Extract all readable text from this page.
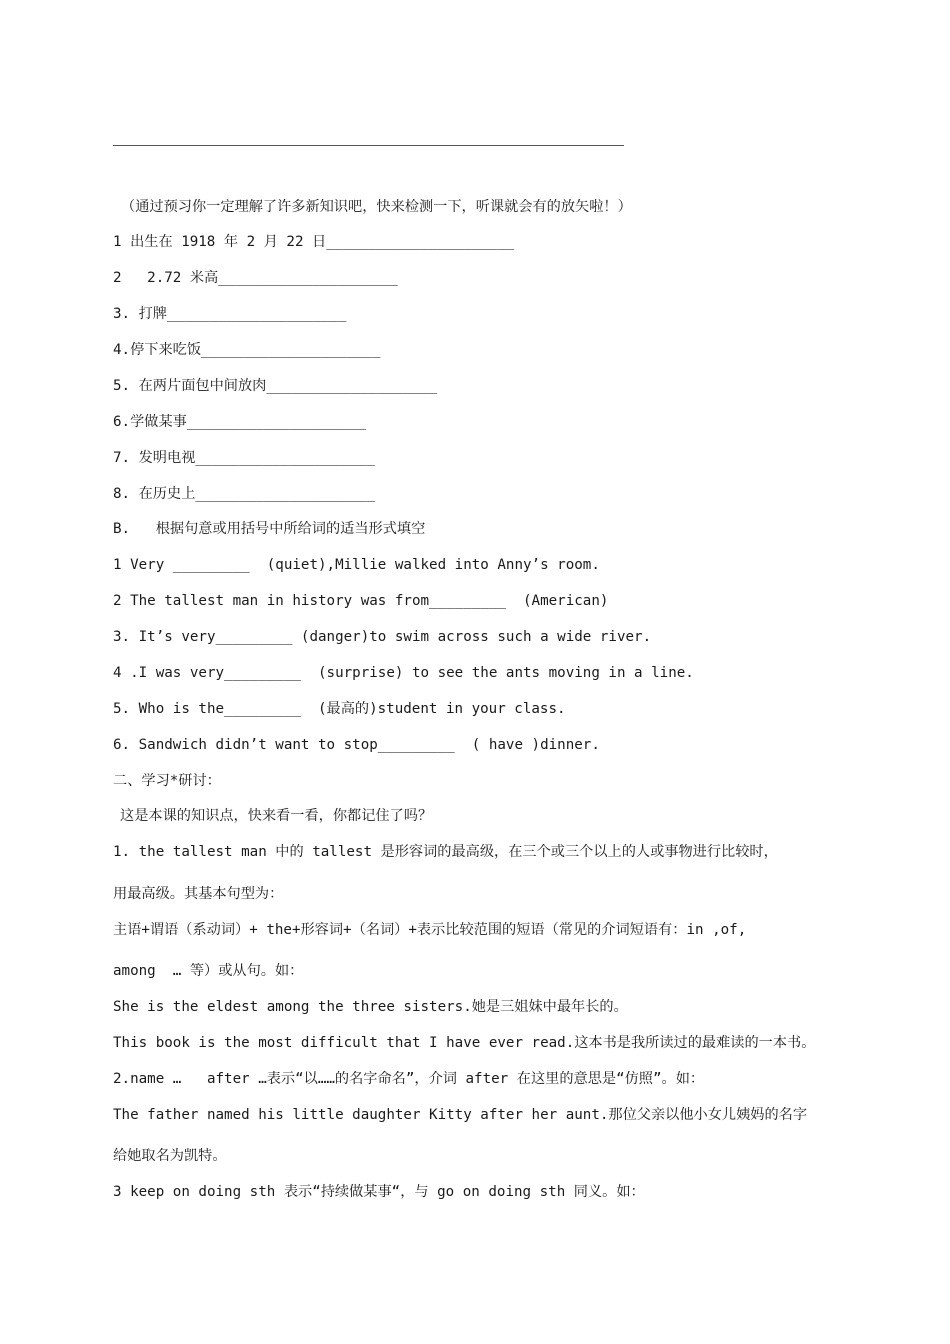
（通过预习你一定理解了许多新知识吧，快来检测一下，听课就会有的放矢啦！）
1 出生在 1918 年 2 月 22 日______________________
2   2.72 米高_____________________
3. 打牌_____________________
4.停下来吃饭_____________________
5. 在两片面包中间放肉____________________
6.学做某事_____________________
7. 发明电视_____________________
8. 在历史上_____________________
B.   根据句意或用括号中所给词的适当形式填空
1 Very _________  (quiet),Millie walked into Anny’s room.
2 The tallest man in history was from_________  (American)
3. It’s very_________ (danger)to swim across such a wide river.
4 .I was very_________  (surprise) to see the ants moving in a line.
5. Who is the_________  (最高的)student in your class.
6. Sandwich didn’t want to stop_________  ( have )dinner.
二、学习*研讨：
这是本课的知识点，快来看一看，你都记住了吗？
1. the tallest man 中的 tallest 是形容词的最高级，在三个或三个以上的人或事物进行比较时，
用最高级。其基本句型为：
主语+谓语（系动词）+ the+形容词+（名词）+表示比较范围的短语（常见的介词短语有：in ,of,
among  … 等）或从句。如：
She is the eldest among the three sisters.她是三姐妹中最年长的。
This book is the most difficult that I have ever read.这本书是我所读过的最难读的一本书。
2.name …   after …表示“以……的名字命名”，介词 after 在这里的意思是“仿照”。如：
The father named his little daughter Kitty after her aunt.那位父亲以他小女儿姨妈的名字
给她取名为凯特。
3 keep on doing sth 表示“持续做某事“，与 go on doing sth 同义。如：
